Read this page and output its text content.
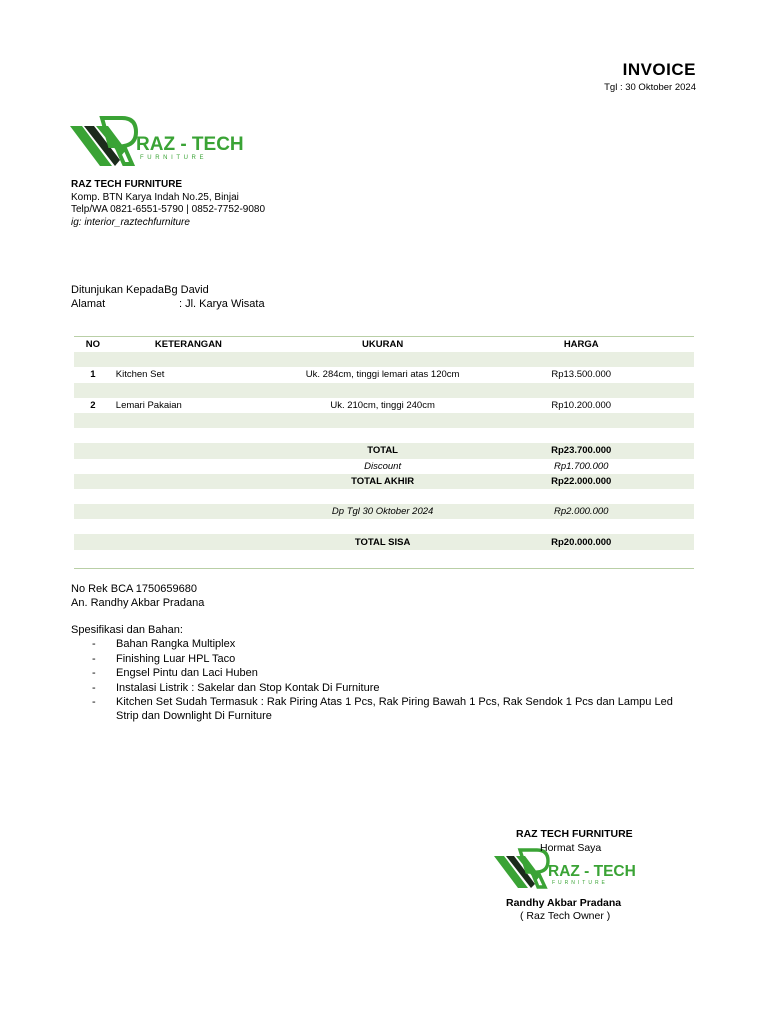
INVOICE
Tgl : 30 Oktober 2024
RAZ - TECH
FURNITURE
RAZ TECH FURNITURE
Komp. BTN Karya Indah No.25, Binjai
Telp/WA 0821-6551-5790 | 0852-7752-9080
ig: interior_raztechfurniture
Ditunjukan Kepada
: Bg David
Alamat	: Jl. Karya Wisata
NO	KETERANGAN	UKURAN	HARGA	

1	Kitchen Set	Uk. 284cm, tinggi lemari atas 120cm	Rp13.500.000	

2	Lemari Pakaian	Uk. 210cm, tinggi 240cm	Rp10.200.000	

		TOTAL	Rp23.700.000	
		Discount	Rp1.700.000	
		TOTAL AKHIR	Rp22.000.000	

		Dp Tgl 30 Oktober 2024	Rp2.000.000	

		TOTAL SISA	Rp20.000.000	
No Rek BCA 1750659680
An. Randhy Akbar Pradana
Spesifikasi dan Bahan:
- Bahan Rangka Multiplex
- Finishing Luar HPL Taco
- Engsel Pintu dan Laci Huben
- Instalasi Listrik : Sakelar dan Stop Kontak Di Furniture
- Kitchen Set Sudah Termasuk : Rak Piring Atas 1 Pcs, Rak Piring Bawah 1 Pcs, Rak Sendok 1 Pcs dan Lampu Led Strip dan Downlight Di Furniture
RAZ TECH FURNITURE
RAZ - TECH
FURNITURE
Hormat Saya
Randhy Akbar Pradana
( Raz Tech Owner )
